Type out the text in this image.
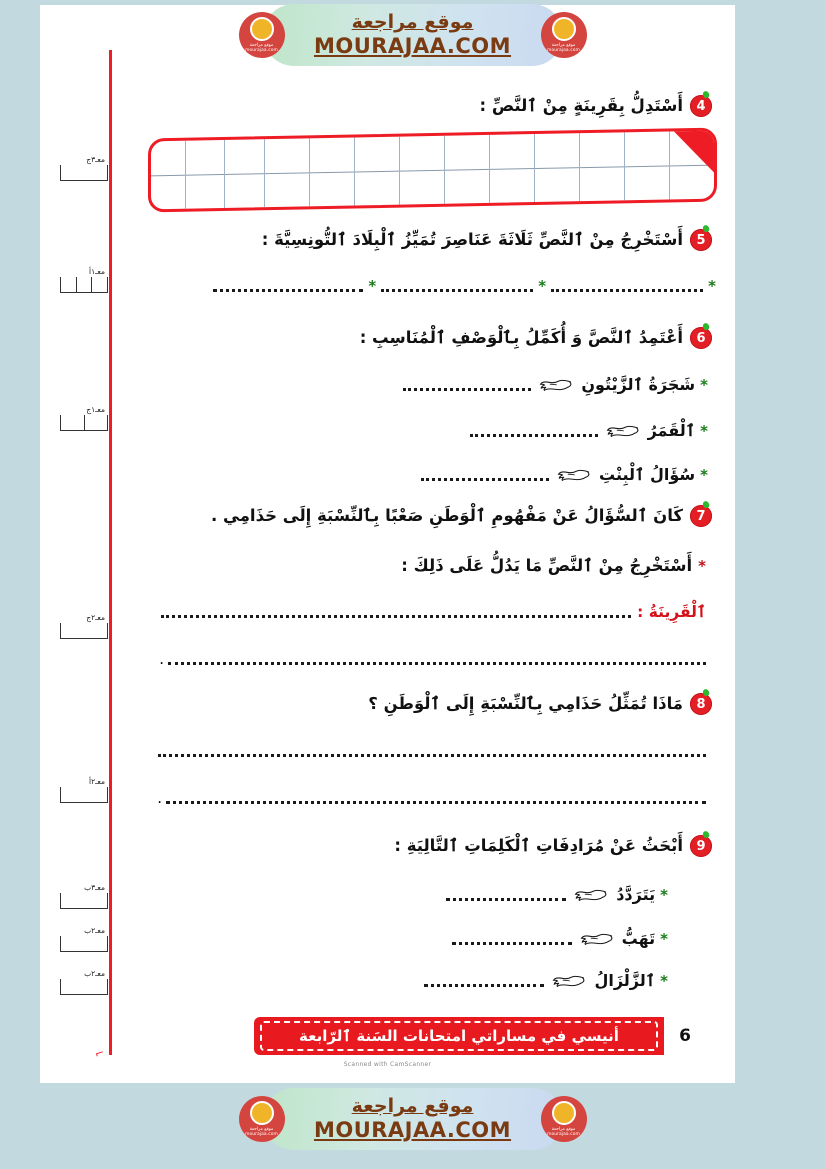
موقع مراجعة mourajaa.com
موقع مراجعة
MOURAJAA.COM	موقع مراجعة mourajaa.com
⌐
معـ٣ج
معـ١أ
معـ١ج
معـ٢ج
معـ٢أ
معـ٣ب
معـ٢ب
معـ٢ب
4
أَسْتَدِلُّ بِقَرِينَةٍ مِنْ ٱلنَّصِّ :
5
أَسْتَخْرِجُ مِنْ ٱلنَّصِّ ثَلَاثَةَ عَنَاصِرَ تُمَيِّزُ ٱلْبِلَادَ ٱلتُّونِسِيَّةَ :
*
*
*
6
أَعْتَمِدُ ٱلنَّصَّ وَ أُكَمِّلُ بِٱلْوَصْفِ ٱلْمُنَاسِبِ :
*
شَجَرَةُ ٱلزَّيْتُونِ
*
ٱلْقَمَرُ
*
سُؤَالُ ٱلْبِنْتِ
7
كَانَ ٱلسُّؤَالُ عَنْ مَفْهُومِ ٱلْوَطَنِ صَعْبًا بِٱلنِّسْبَةِ إِلَى حَذَامِي .
*
أَسْتَخْرِجُ مِنْ ٱلنَّصِّ مَا يَدُلُّ عَلَى ذَلِكَ :
ٱلْقَرِينَةُ :
.
8
مَاذَا تُمَثِّلُ حَذَامِي بِٱلنِّسْبَةِ إِلَى ٱلْوَطَنِ ؟
.
9
أَبْحَثُ عَنْ مُرَادِفَاتِ ٱلْكَلِمَاتِ ٱلتَّالِيَةِ :
*
يَتَرَدَّدُ
*
تَهَبُّ
*
ٱلزَّلْزَالُ
أنيسي في مساراتي امتحانات السَنة ٱلرّابعة	6
Scanned with CamScanner
موقع مراجعة mourajaa.com
موقع مراجعة
MOURAJAA.COM	موقع مراجعة mourajaa.com
